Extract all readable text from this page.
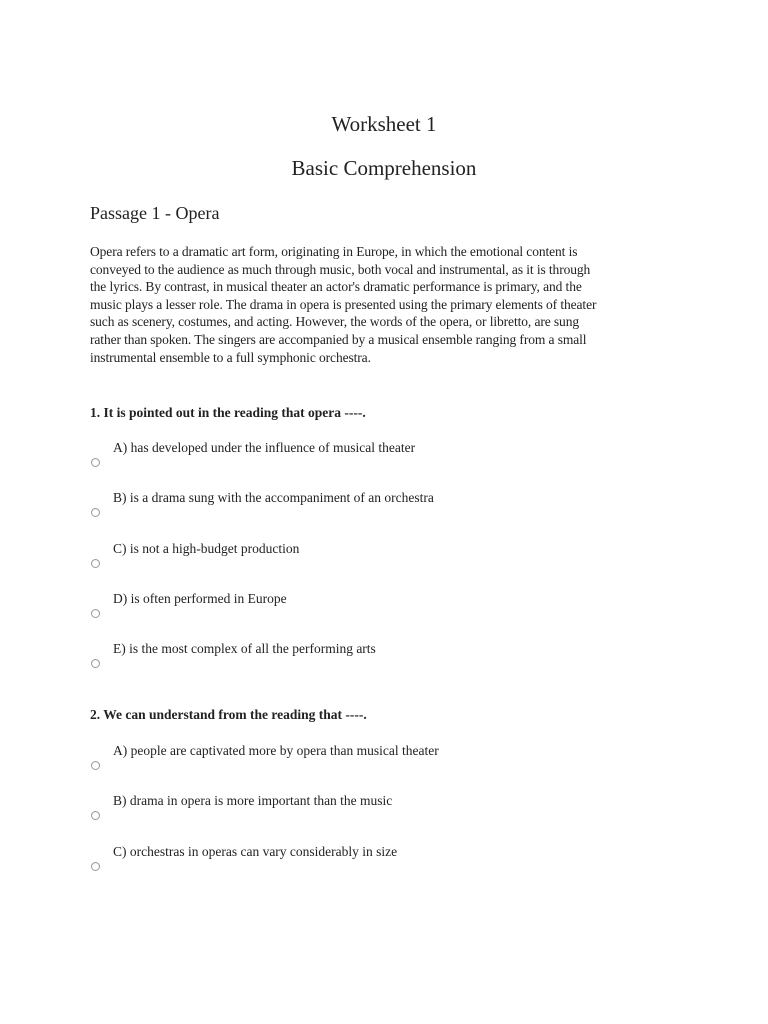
Worksheet 1
Basic Comprehension
Passage 1 - Opera

Opera refers to a dramatic art form, originating in Europe, in which the emotional content is
conveyed to the audience as much through music, both vocal and instrumental, as it is through
the lyrics. By contrast, in musical theater an actor's dramatic performance is primary, and the
music plays a lesser role. The drama in opera is presented using the primary elements of theater
such as scenery, costumes, and acting. However, the words of the opera, or libretto, are sung
rather than spoken. The singers are accompanied by a musical ensemble ranging from a small
instrumental ensemble to a full symphonic orchestra.

1. It is pointed out in the reading that opera ----.

A) has developed under the influence of musical theater
B) is a drama sung with the accompaniment of an orchestra
C) is not a high-budget production
D) is often performed in Europe
E) is the most complex of all the performing arts

2. We can understand from the reading that ----.

A) people are captivated more by opera than musical theater
B) drama in opera is more important than the music
C) orchestras in operas can vary considerably in size
